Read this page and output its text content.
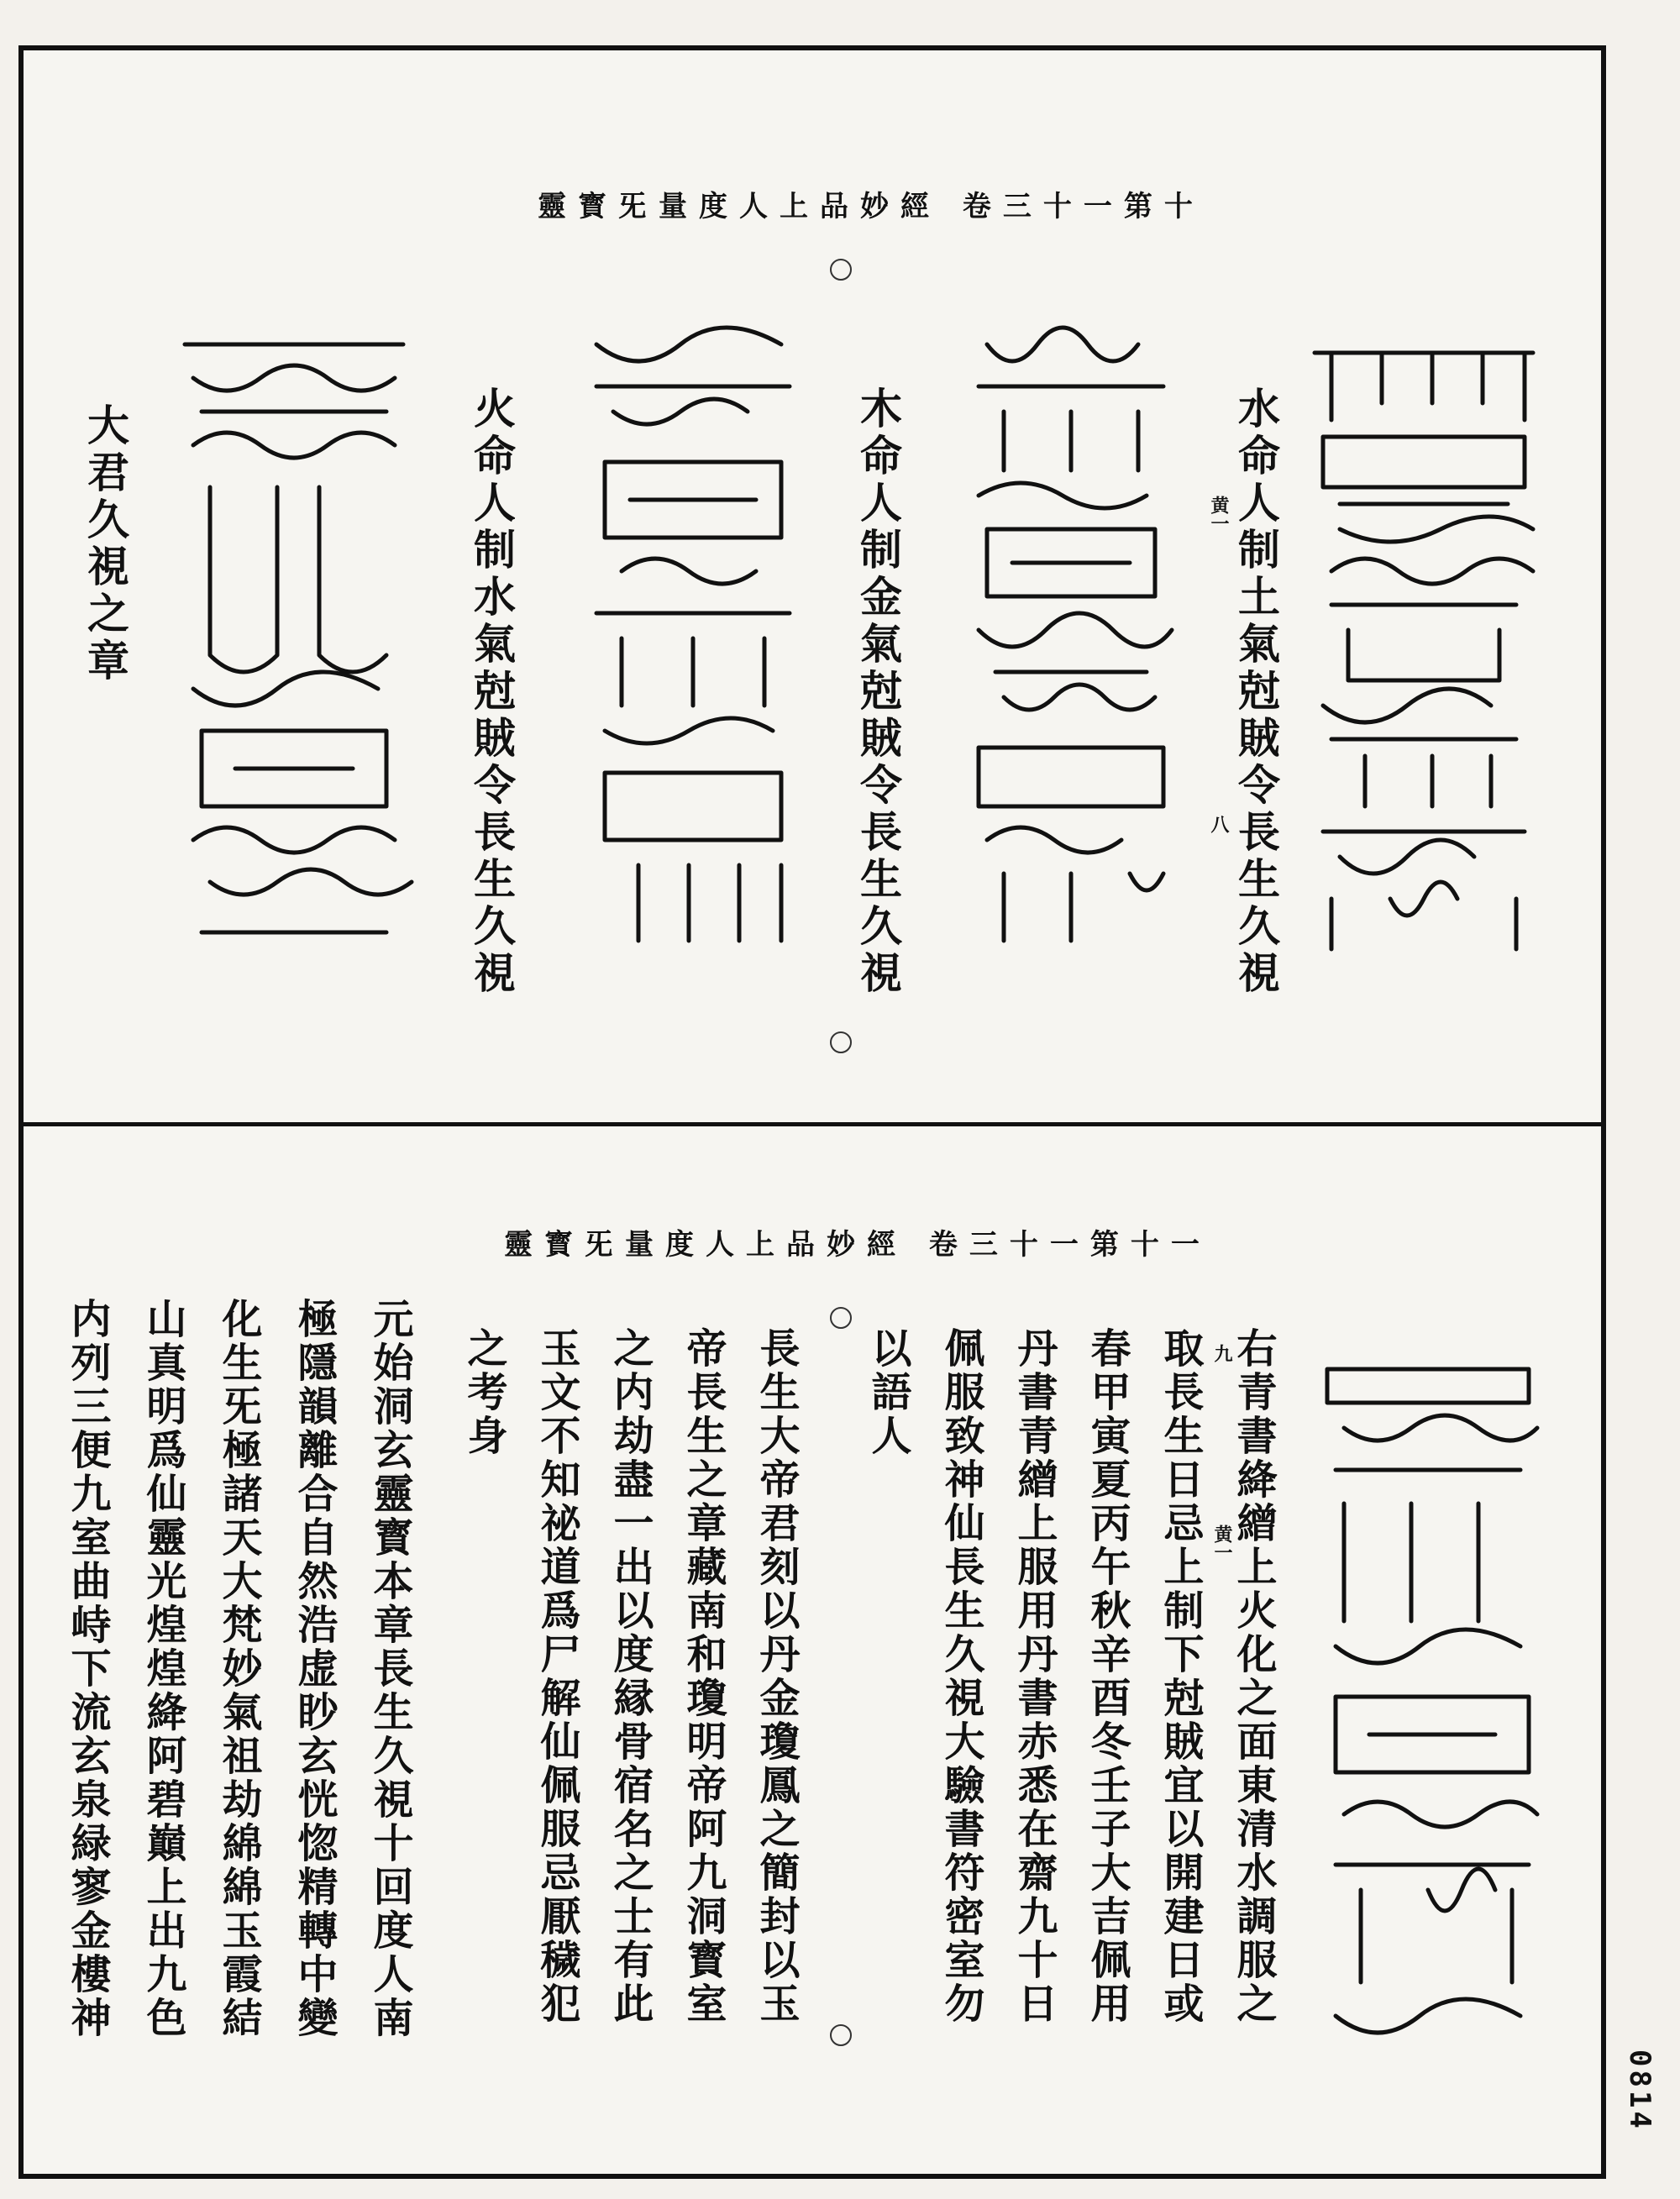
靈寳旡量度人上品妙經 卷三十一第十
水命人制土氣尅賊令長生久視
黄一
八
木命人制金氣尅賊令長生久視
火命人制水氣尅賊令長生久視
大君久視之章
靈寳旡量度人上品妙經 卷三十一第十一
黄一
九
右青書絳繒上火化之面東清水調服之
取長生日忌上制下尅賊宜以開建日或
春甲寅夏丙午秋辛酉冬壬子大吉佩用
丹書青繒上服用丹書赤悉在齋九十日
佩服致神仙長生久視大驗書符密室勿
以語人
長生大帝君刻以丹金瓊鳳之簡封以玉
帝長生之章藏南和瓊明帝阿九洞寳室
之内劫盡一出以度縁骨宿名之士有此
玉文不知祕道爲尸解仙佩服忌厭穢犯
之考身
元始洞玄靈寳本章長生久視十回度人南
極隱韻離合自然浩虚眇玄恍惚精轉中變
化生旡極諸天大梵妙氣祖劫綿綿玉霞結
山真明爲仙靈光煌煌絳阿碧巔上出九色
内列三便九室曲峙下流玄泉緑寥金樓神
0814
